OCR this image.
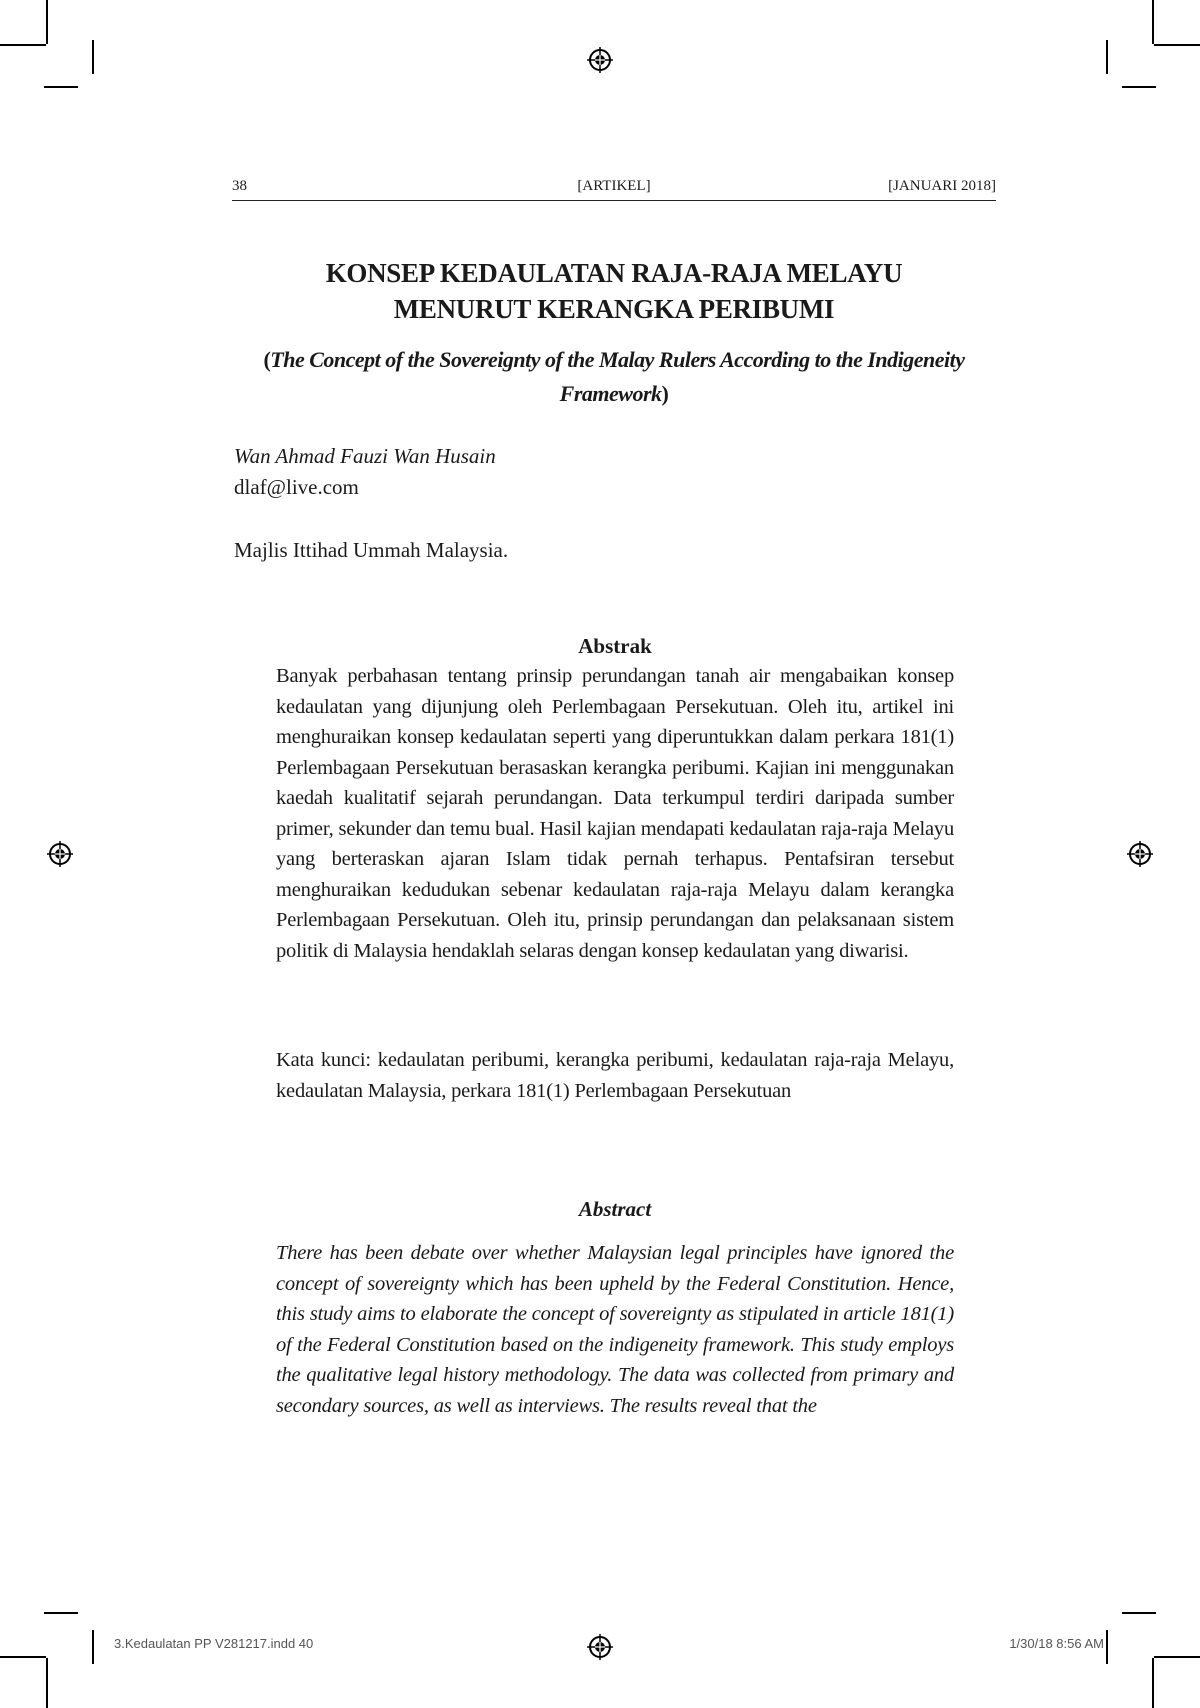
38	[ARTIKEL]	[JANUARI 2018]
KONSEP KEDAULATAN RAJA-RAJA MELAYU
MENURUT KERANGKA PERIBUMI
(The Concept of the Sovereignty of the Malay Rulers According to the Indigeneity Framework)
Wan Ahmad Fauzi Wan Husain
dlaf@live.com
Majlis Ittihad Ummah Malaysia.
Abstrak

Banyak perbahasan tentang prinsip perundangan tanah air mengabaikan konsep kedaulatan yang dijunjung oleh Perlembagaan Persekutuan. Oleh itu, artikel ini menghuraikan konsep kedaulatan seperti yang diperuntukkan dalam perkara 181(1) Perlembagaan Persekutuan berasaskan kerangka peribumi. Kajian ini menggunakan kaedah kualitatif sejarah perundangan. Data terkumpul terdiri daripada sumber primer, sekunder dan temu bual. Hasil kajian mendapati kedaulatan raja-raja Melayu yang berteraskan ajaran Islam tidak pernah terhapus. Pentafsiran tersebut menghuraikan kedudukan sebenar kedaulatan raja-raja Melayu dalam kerangka Perlembagaan Persekutuan. Oleh itu, prinsip perundangan dan pelaksanaan sistem politik di Malaysia hendaklah selaras dengan konsep kedaulatan yang diwarisi.

Kata kunci: kedaulatan peribumi, kerangka peribumi, kedaulatan raja-raja Melayu, kedaulatan Malaysia, perkara 181(1) Perlembagaan Persekutuan

Abstract

There has been debate over whether Malaysian legal principles have ignored the concept of sovereignty which has been upheld by the Federal Constitution. Hence, this study aims to elaborate the concept of sovereignty as stipulated in article 181(1) of the Federal Constitution based on the indigeneity framework. This study employs the qualitative legal history methodology. The data was collected from primary and secondary sources, as well as interviews. The results reveal that the

3.Kedaulatan PP V281217.indd 40	1/30/18 8:56 AM
